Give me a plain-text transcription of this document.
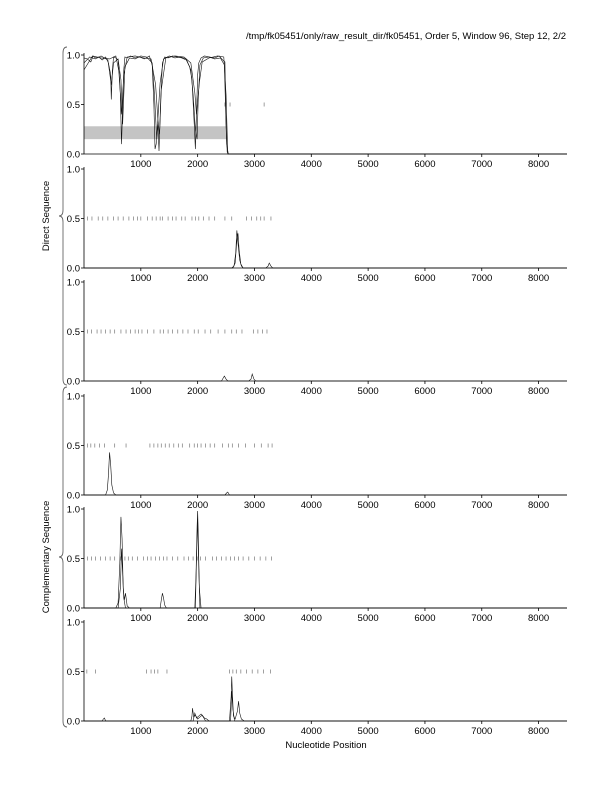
/tmp/fk05451/only/raw_result_dir/fk05451, Order 5, Window 96, Step 12, 2/2
0.0
0.5
1.0
1000	2000	3000	4000	5000	6000	7000	8000
0.0
0.5
1.0
1000	2000	3000	4000	5000	6000	7000	8000
0.0
0.5
1.0
1000	2000	3000	4000	5000	6000	7000	8000
0.0
0.5
1.0
1000	2000	3000	4000	5000	6000	7000	8000
0.0
0.5
1.0
1000	2000	3000	4000	5000	6000	7000	8000
0.0
0.5
1.0
1000	2000	3000	4000	5000	6000	7000	8000
Direct Sequence
Complementary Sequence
Nucleotide Position
